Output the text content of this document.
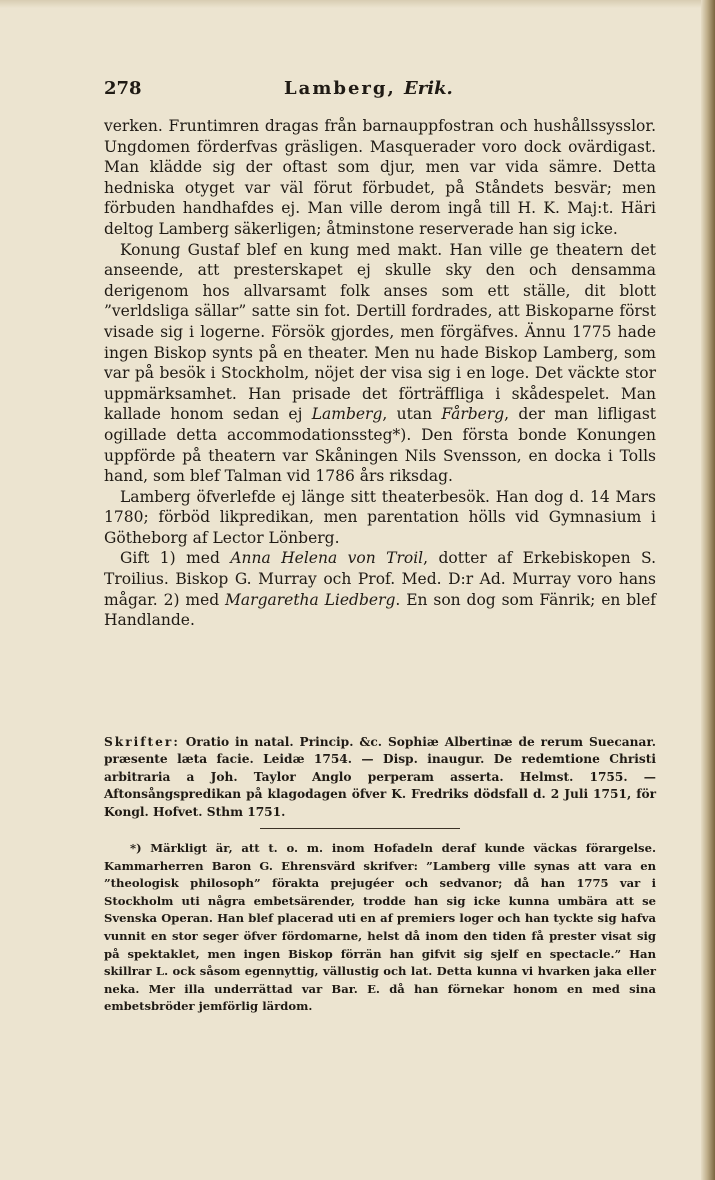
278	Lamberg, Erik.

verken. Fruntimren dragas från barnauppfostran och hushållssysslor. Ungdomen förderfvas gräsligen. Masquerader voro dock ovärdigast. Man klädde sig der oftast som djur, men var vida sämre. Detta hedniska otyget var väl förut förbudet, på Ståndets besvär; men förbuden handhafdes ej. Man ville derom ingå till H. K. Maj:t. Häri deltog Lamberg säkerligen; åtminstone reserverade han sig icke.

Konung Gustaf blef en kung med makt. Han ville ge theatern det anseende, att presterskapet ej skulle sky den och densamma derigenom hos allvarsamt folk anses som ett ställe, dit blott ”verldsliga sällar” satte sin fot. Dertill fordrades, att Biskoparne först visade sig i logerne. Försök gjordes, men förgäfves. Ännu 1775 hade ingen Biskop synts på en theater. Men nu hade Biskop Lamberg, som var på besök i Stockholm, nöjet der visa sig i en loge. Det väckte stor uppmärksamhet. Han prisade det förträffliga i skådespelet. Man kallade honom sedan ej Lamberg, utan Fårberg, der man lifligast ogillade detta accommodationssteg*). Den första bonde Konungen uppförde på theatern var Skåningen Nils Svensson, en docka i Tolls hand, som blef Talman vid 1786 års riksdag.

Lamberg öfverlefde ej länge sitt theaterbesök. Han dog d. 14 Mars 1780; förböd likpredikan, men parentation hölls vid Gymnasium i Götheborg af Lector Lönberg.

Gift 1) med Anna Helena von Troil, dotter af Erkebiskopen S. Troilius. Biskop G. Murray och Prof. Med. D:r Ad. Murray voro hans mågar. 2) med Margaretha Liedberg. En son dog som Fänrik; en blef Handlande.

Skrifter: Oratio in natal. Princip. &c. Sophiæ Albertinæ de rerum Suecanar. præsente læta facie. Leidæ 1754. — Disp. inaugur. De redemtione Christi arbitraria a Joh. Taylor Anglo perperam asserta. Helmst. 1755. — Aftonsångspredikan på klagodagen öfver K. Fredriks dödsfall d. 2 Juli 1751, för Kongl. Hofvet. Sthm 1751.
*) Märkligt är, att t. o. m. inom Hofadeln deraf kunde väckas förargelse. Kammarherren Baron G. Ehrensvärd skrifver: ”Lamberg ville synas att vara en ”theologisk philosoph” förakta prejugéer och sedvanor; då han 1775 var i Stockholm uti några embetsärender, trodde han sig icke kunna umbära att se Svenska Operan. Han blef placerad uti en af premiers loger och han tyckte sig hafva vunnit en stor seger öfver fördomarne, helst då inom den tiden få prester visat sig på spektaklet, men ingen Biskop förrän han gifvit sig sjelf en spectacle.” Han skillrar L. ock såsom egennyttig, vällustig och lat. Detta kunna vi hvarken jaka eller neka. Mer illa underrättad var Bar. E. då han förnekar honom en med sina embetsbröder jemförlig lärdom.
